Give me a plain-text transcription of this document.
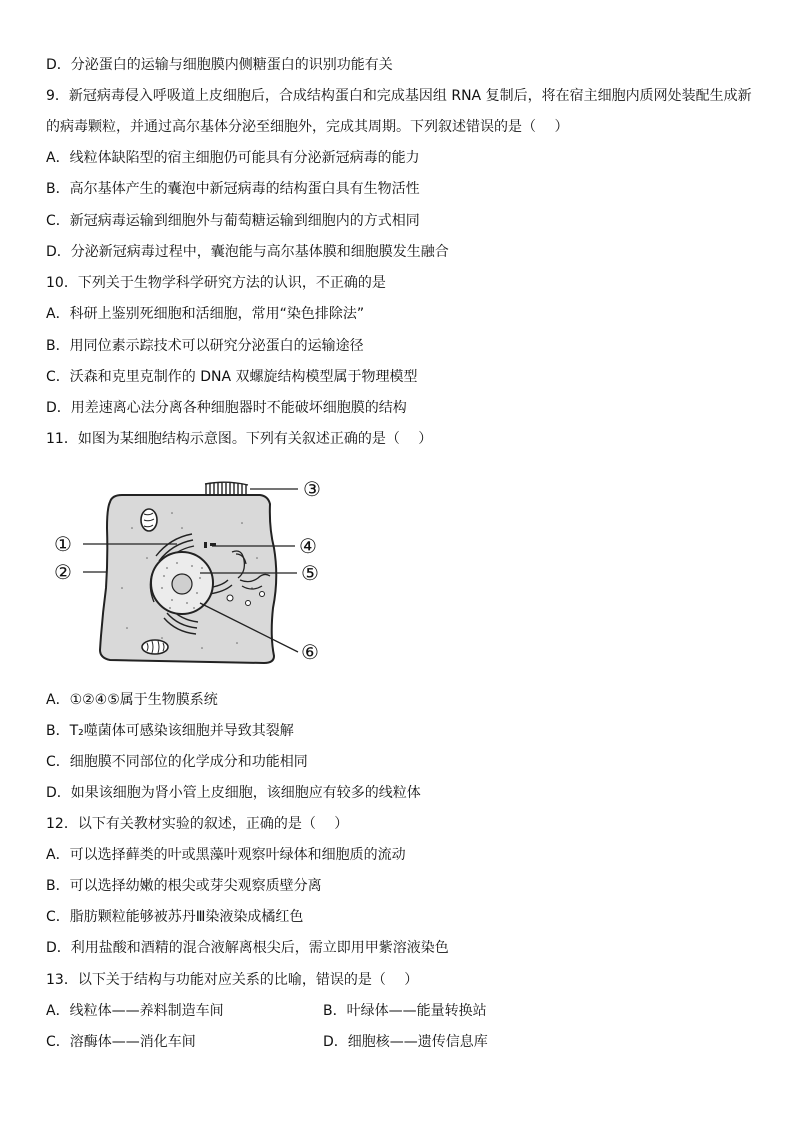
D．分泌蛋白的运输与细胞膜内侧糖蛋白的识别功能有关
9．新冠病毒侵入呼吸道上皮细胞后，合成结构蛋白和完成基因组 RNA 复制后，将在宿主细胞内质网处装配生成新
的病毒颗粒，并通过高尔基体分泌至细胞外，完成其周期。下列叙述错误的是（　 ）
A．线粒体缺陷型的宿主细胞仍可能具有分泌新冠病毒的能力
B．高尔基体产生的囊泡中新冠病毒的结构蛋白具有生物活性
C．新冠病毒运输到细胞外与葡萄糖运输到细胞内的方式相同
D．分泌新冠病毒过程中，囊泡能与高尔基体膜和细胞膜发生融合
10．下列关于生物学科学研究方法的认识，不正确的是
A．科研上鉴别死细胞和活细胞，常用“染色排除法”
B．用同位素示踪技术可以研究分泌蛋白的运输途径
C．沃森和克里克制作的 DNA 双螺旋结构模型属于物理模型
D．用差速离心法分离各种细胞器时不能破坏细胞膜的结构
11．如图为某细胞结构示意图。下列有关叙述正确的是（　 ）
①
②
③
④
⑤
⑥
A．①②④⑤属于生物膜系统
B．T₂噬菌体可感染该细胞并导致其裂解
C．细胞膜不同部位的化学成分和功能相同
D．如果该细胞为肾小管上皮细胞，该细胞应有较多的线粒体
12．以下有关教材实验的叙述，正确的是（　 ）
A．可以选择藓类的叶或黑藻叶观察叶绿体和细胞质的流动
B．可以选择幼嫩的根尖或芽尖观察质壁分离
C．脂肪颗粒能够被苏丹Ⅲ染液染成橘红色
D．利用盐酸和酒精的混合液解离根尖后，需立即用甲紫溶液染色
13．以下关于结构与功能对应关系的比喻，错误的是（　 ）
A．线粒体——养料制造车间	B．叶绿体——能量转换站
C．溶酶体——消化车间	D．细胞核——遗传信息库
